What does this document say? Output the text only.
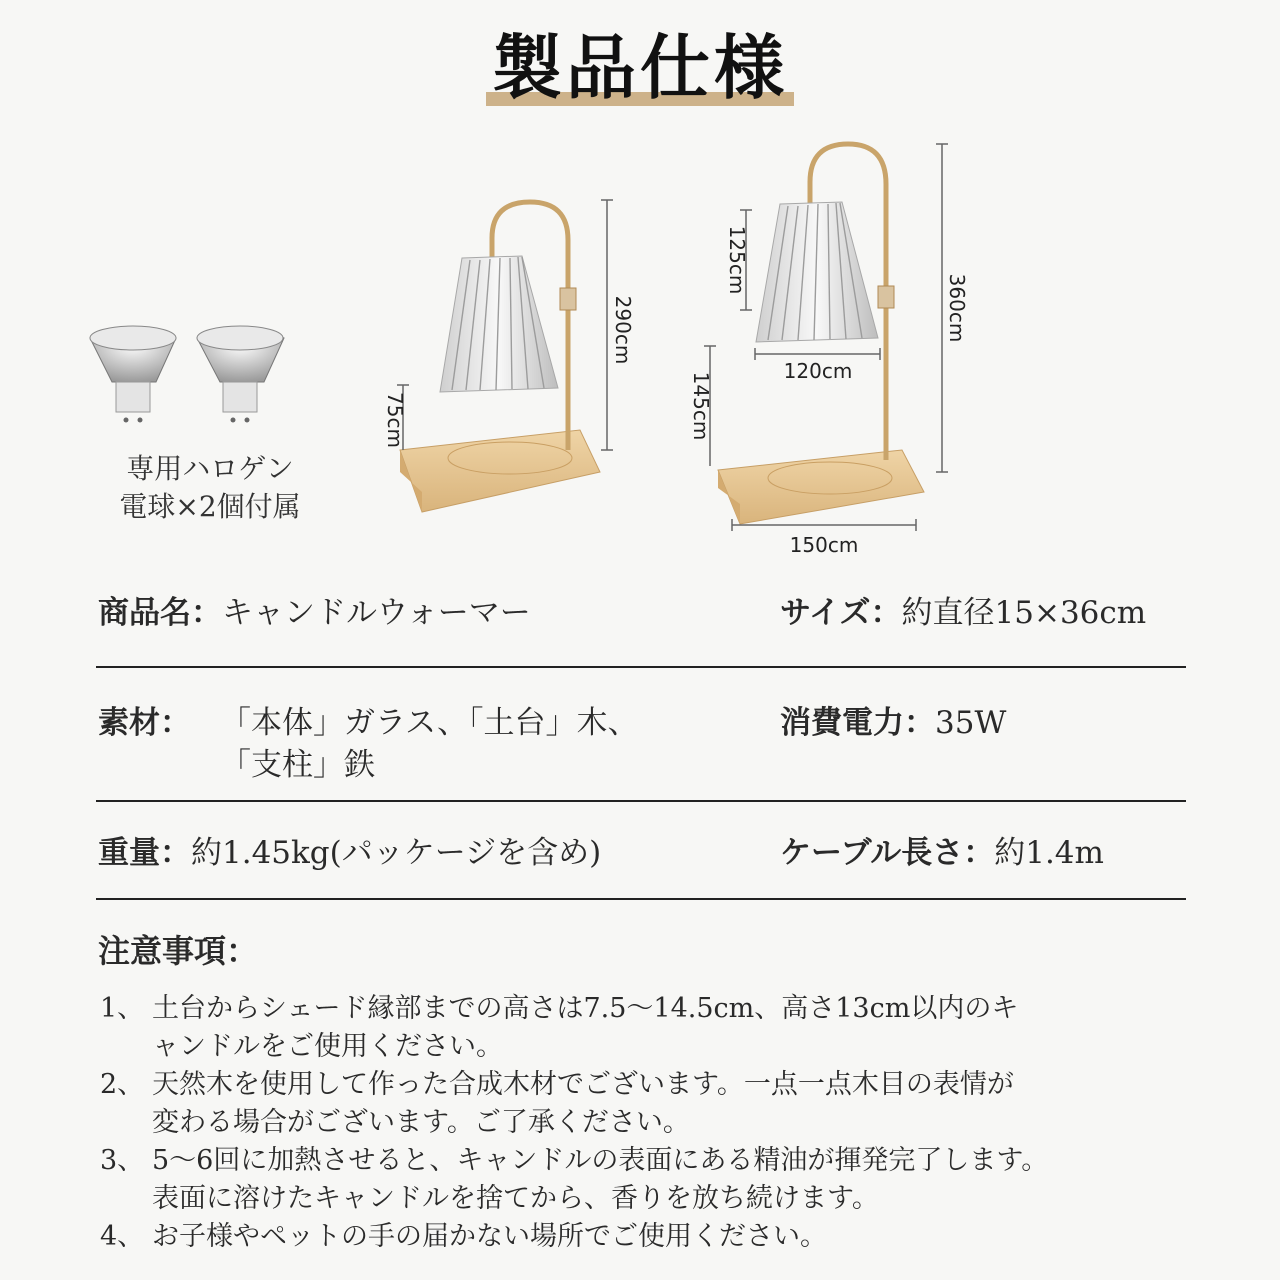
製品仕様
290cm
75cm
360cm
125cm
120cm
145cm
150cm
専用ハロゲン
電球×2個付属
商品名：キャンドルウォーマー	サイズ：約直径15×36cm
素材： 「本体」ガラス、「土台」木、
「支柱」鉄
消費電力：35W
重量：約1.45kg(パッケージを含め)	ケーブル長さ：約1.4m
注意事項：
1、 土台からシェード縁部までの高さは7.5〜14.5cm、高さ13cm以内のキ
ャンドルをご使用ください。
2、 天然木を使用して作った合成木材でございます。一点一点木目の表情が
変わる場合がございます。ご了承ください。
3、 5〜6回に加熱させると、キャンドルの表面にある精油が揮発完了します。
表面に溶けたキャンドルを捨てから、香りを放ち続けます。
4、 お子様やペットの手の届かない場所でご使用ください。
